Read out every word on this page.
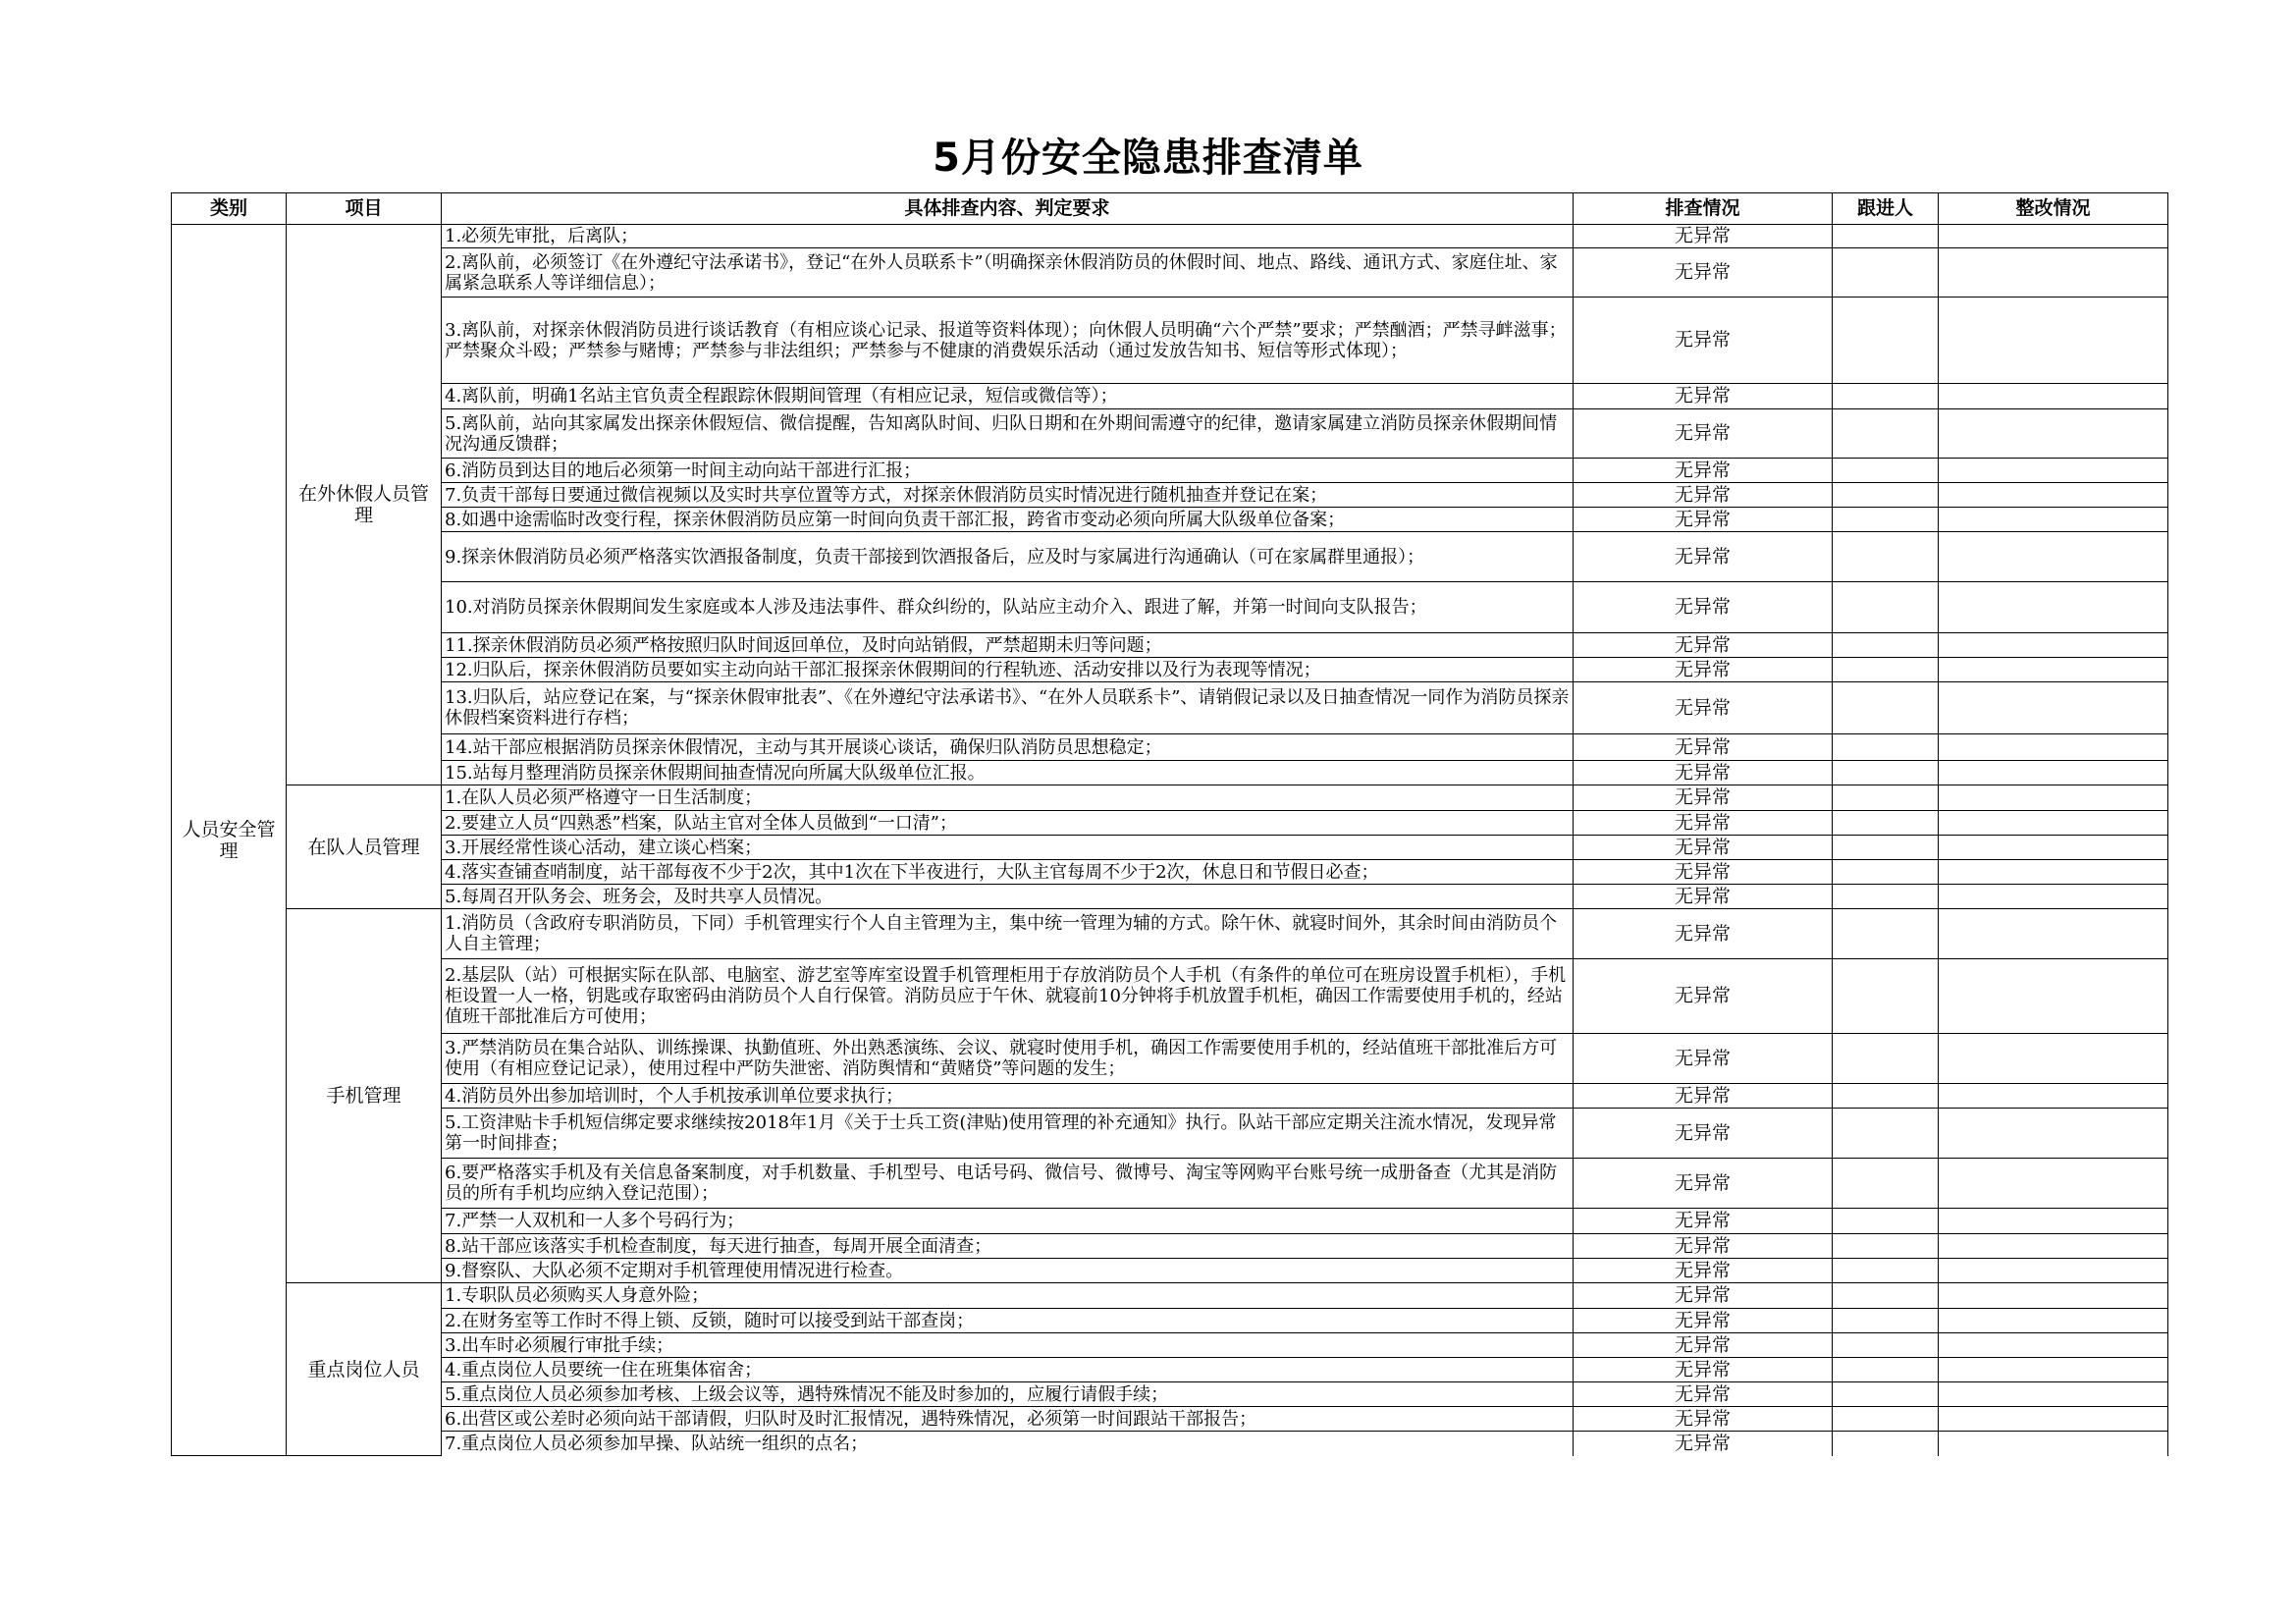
5月份安全隐患排查清单
类别	项目	具体排查内容、判定要求	排查情况	跟进人	整改情况
人员安全管理	在外休假人员管理	1.必须先审批，后离队；	无异常		
		2.离队前，必须签订《在外遵纪守法承诺书》，登记“在外人员联系卡”（明确探亲休假消防员的休假时间、地点、路线、通讯方式、家庭住址、家属紧急联系人等详细信息）；	无异常		
		3.离队前，对探亲休假消防员进行谈话教育（有相应谈心记录、报道等资料体现）；向休假人员明确“六个严禁”要求；严禁酗酒；严禁寻衅滋事；严禁聚众斗殴；严禁参与赌博；严禁参与非法组织；严禁参与不健康的消费娱乐活动（通过发放告知书、短信等形式体现）；	无异常		
		4.离队前，明确1名站主官负责全程跟踪休假期间管理（有相应记录，短信或微信等）；	无异常		
		5.离队前，站向其家属发出探亲休假短信、微信提醒，告知离队时间、归队日期和在外期间需遵守的纪律，邀请家属建立消防员探亲休假期间情况沟通反馈群；	无异常		
		6.消防员到达目的地后必须第一时间主动向站干部进行汇报；	无异常		
		7.负责干部每日要通过微信视频以及实时共享位置等方式，对探亲休假消防员实时情况进行随机抽查并登记在案；	无异常		
		8.如遇中途需临时改变行程，探亲休假消防员应第一时间向负责干部汇报，跨省市变动必须向所属大队级单位备案；	无异常		
		9.探亲休假消防员必须严格落实饮酒报备制度，负责干部接到饮酒报备后，应及时与家属进行沟通确认（可在家属群里通报）；	无异常		
		10.对消防员探亲休假期间发生家庭或本人涉及违法事件、群众纠纷的，队站应主动介入、跟进了解，并第一时间向支队报告；	无异常		
		11.探亲休假消防员必须严格按照归队时间返回单位，及时向站销假，严禁超期未归等问题；	无异常		
		12.归队后，探亲休假消防员要如实主动向站干部汇报探亲休假期间的行程轨迹、活动安排以及行为表现等情况；	无异常		
		13.归队后，站应登记在案，与“探亲休假审批表”、《在外遵纪守法承诺书》、“在外人员联系卡”、请销假记录以及日抽查情况一同作为消防员探亲休假档案资料进行存档；	无异常		
		14.站干部应根据消防员探亲休假情况，主动与其开展谈心谈话，确保归队消防员思想稳定；	无异常		
		15.站每月整理消防员探亲休假期间抽查情况向所属大队级单位汇报。	无异常		
	在队人员管理	1.在队人员必须严格遵守一日生活制度；	无异常		
		2.要建立人员“四熟悉”档案，队站主官对全体人员做到“一口清”；	无异常		
		3.开展经常性谈心活动，建立谈心档案；	无异常		
		4.落实查铺查哨制度，站干部每夜不少于2次，其中1次在下半夜进行，大队主官每周不少于2次，休息日和节假日必查；	无异常		
		5.每周召开队务会、班务会，及时共享人员情况。	无异常		
	手机管理	1.消防员（含政府专职消防员，下同）手机管理实行个人自主管理为主，集中统一管理为辅的方式。除午休、就寝时间外，其余时间由消防员个人自主管理；	无异常		
		2.基层队（站）可根据实际在队部、电脑室、游艺室等库室设置手机管理柜用于存放消防员个人手机（有条件的单位可在班房设置手机柜），手机柜设置一人一格，钥匙或存取密码由消防员个人自行保管。消防员应于午休、就寝前10分钟将手机放置手机柜，确因工作需要使用手机的，经站值班干部批准后方可使用；	无异常		
		3.严禁消防员在集合站队、训练操课、执勤值班、外出熟悉演练、会议、就寝时使用手机，确因工作需要使用手机的，经站值班干部批准后方可使用（有相应登记记录），使用过程中严防失泄密、消防舆情和“黄赌贷”等问题的发生；	无异常		
		4.消防员外出参加培训时，个人手机按承训单位要求执行；	无异常		
		5.工资津贴卡手机短信绑定要求继续按2018年1月《关于士兵工资(津贴)使用管理的补充通知》执行。队站干部应定期关注流水情况，发现异常第一时间排查；	无异常		
		6.要严格落实手机及有关信息备案制度，对手机数量、手机型号、电话号码、微信号、微博号、淘宝等网购平台账号统一成册备查（尤其是消防员的所有手机均应纳入登记范围）；	无异常		
		7.严禁一人双机和一人多个号码行为；	无异常		
		8.站干部应该落实手机检查制度，每天进行抽查，每周开展全面清查；	无异常		
		9.督察队、大队必须不定期对手机管理使用情况进行检查。	无异常		
	重点岗位人员	1.专职队员必须购买人身意外险；	无异常		
		2.在财务室等工作时不得上锁、反锁，随时可以接受到站干部查岗；	无异常		
		3.出车时必须履行审批手续；	无异常		
		4.重点岗位人员要统一住在班集体宿舍；	无异常		
		5.重点岗位人员必须参加考核、上级会议等，遇特殊情况不能及时参加的，应履行请假手续；	无异常		
		6.出营区或公差时必须向站干部请假，归队时及时汇报情况，遇特殊情况，必须第一时间跟站干部报告；	无异常		
		7.重点岗位人员必须参加早操、队站统一组织的点名；	无异常		
